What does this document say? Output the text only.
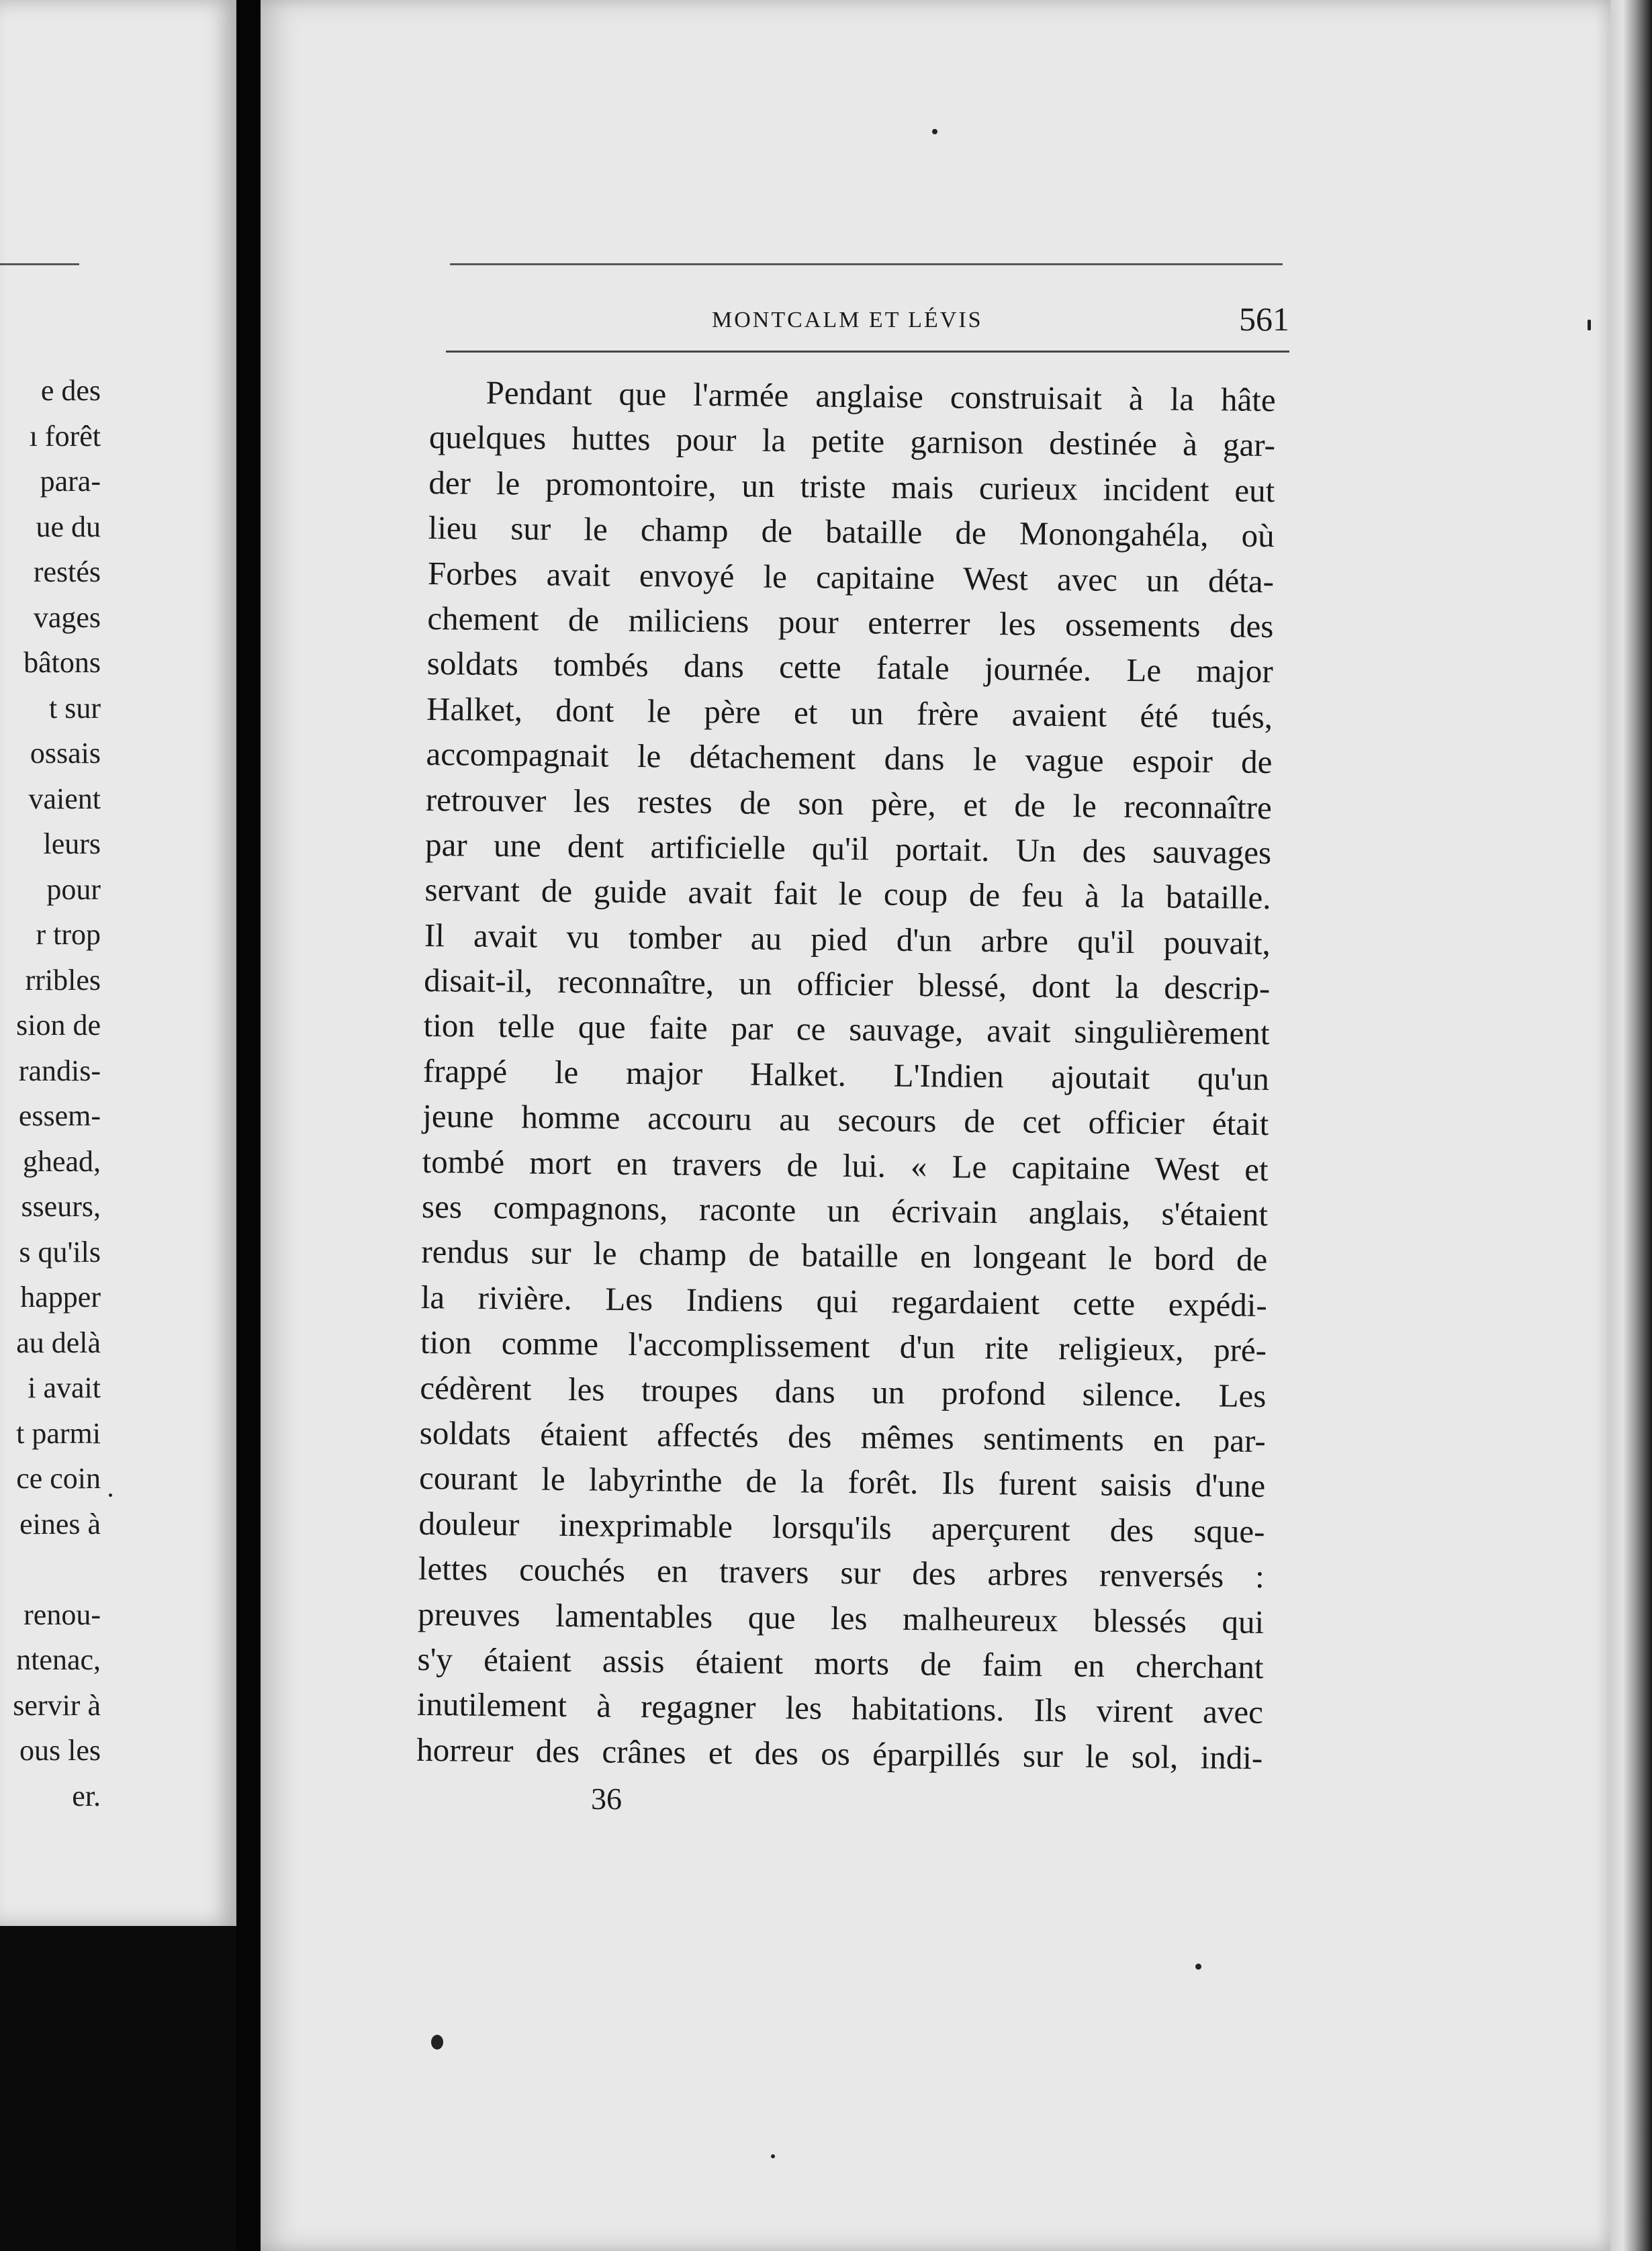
e des
ı forêt
para-
ue du
restés
vages
bâtons
t sur
ossais
vaient
leurs
pour
r trop
rribles
sion de
randis-
essem-
ghead,
sseurs,
s qu'ils
happer
au delà
i avait
t parmi
ce coin
eines à
renou-
ntenac,
servir à
ous les
er.
MONTCALM ET LÉVIS	561
Pendant que l'armée anglaise construisait à la hâte
quelques huttes pour la petite garnison destinée à gar-
der le promontoire, un triste mais curieux incident eut
lieu sur le champ de bataille de Monongahéla, où
Forbes avait envoyé le capitaine West avec un déta-
chement de miliciens pour enterrer les ossements des
soldats tombés dans cette fatale journée. Le major
Halket, dont le père et un frère avaient été tués,
accompagnait le détachement dans le vague espoir de
retrouver les restes de son père, et de le reconnaître
par une dent artificielle qu'il portait. Un des sauvages
servant de guide avait fait le coup de feu à la bataille.
Il avait vu tomber au pied d'un arbre qu'il pouvait,
disait-il, reconnaître, un officier blessé, dont la descrip-
tion telle que faite par ce sauvage, avait singulièrement
frappé le major Halket. L'Indien ajoutait qu'un
jeune homme accouru au secours de cet officier était
tombé mort en travers de lui. « Le capitaine West et
ses compagnons, raconte un écrivain anglais, s'étaient
rendus sur le champ de bataille en longeant le bord de
la rivière. Les Indiens qui regardaient cette expédi-
tion comme l'accomplissement d'un rite religieux, pré-
cédèrent les troupes dans un profond silence. Les
soldats étaient affectés des mêmes sentiments en par-
courant le labyrinthe de la forêt. Ils furent saisis d'une
douleur inexprimable lorsqu'ils aperçurent des sque-
lettes couchés en travers sur des arbres renversés :
preuves lamentables que les malheureux blessés qui
s'y étaient assis étaient morts de faim en cherchant
inutilement à regagner les habitations. Ils virent avec
horreur des crânes et des os éparpillés sur le sol, indi-
36
